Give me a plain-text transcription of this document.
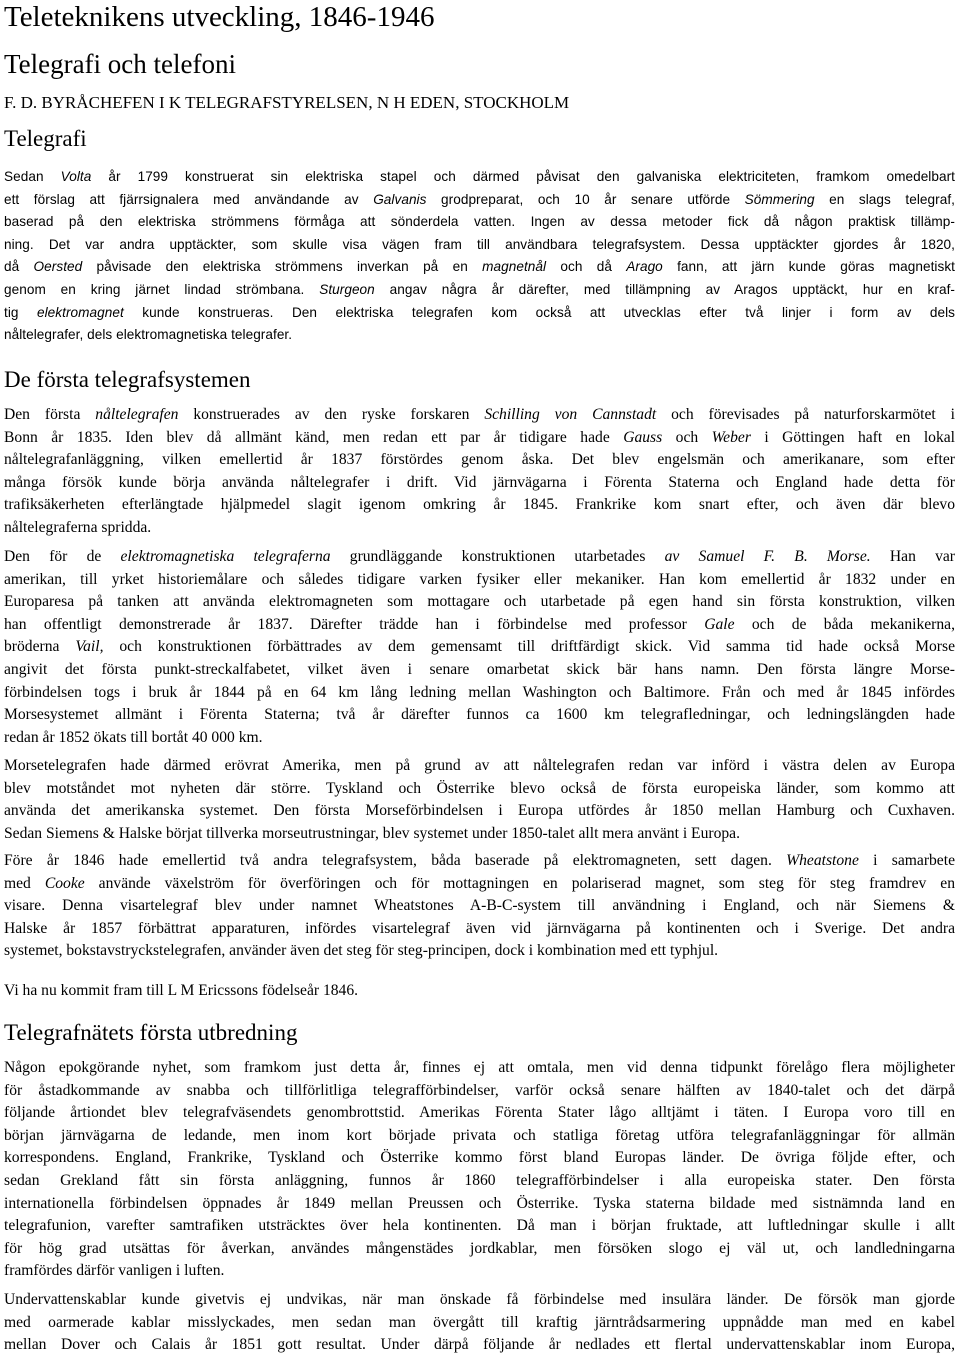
Teleteknikens utveckling, 1846-1946
Telegrafi och telefoni
F. D. BYRÅCHEFEN I K TELEGRAFSTYRELSEN, N H EDEN, STOCKHOLM
Telegrafi
Sedan Volta år 1799 konstruerat sin elektriska stapel och därmed påvisat den galvaniska elektriciteten, framkom omedelbart
ett förslag att fjärrsignalera med användande av Galvanis grodpreparat, och 10 år senare utförde Sömmering en slags telegraf,
baserad på den elektriska strömmens förmåga att sönderdela vatten. Ingen av dessa metoder fick då någon praktisk tillämp-
ning. Det var andra upptäckter, som skulle visa vägen fram till användbara telegrafsystem. Dessa upptäckter gjordes år 1820,
då Oersted påvisade den elektriska strömmens inverkan på en magnetnål och då Arago fann, att järn kunde göras magnetiskt
genom en kring järnet lindad strömbana. Sturgeon angav några år därefter, med tillämpning av Aragos upptäckt, hur en kraf-
tig elektromagnet kunde konstrueras. Den elektriska telegrafen kom också att utvecklas efter två linjer i form av dels
nåltelegrafer, dels elektromagnetiska telegrafer.
De första telegrafsystemen
Den första nåltelegrafen konstruerades av den ryske forskaren Schilling von Cannstadt och förevisades på naturforskarmötet i
Bonn år 1835. Iden blev då allmänt känd, men redan ett par år tidigare hade Gauss och Weber i Göttingen haft en lokal
nåltelegrafanläggning, vilken emellertid år 1837 förstördes genom åska. Det blev engelsmän och amerikanare, som efter
många försök kunde börja använda nåltelegrafer i drift. Vid järnvägarna i Förenta Staterna och England hade detta för
trafiksäkerheten efterlängtade hjälpmedel slagit igenom omkring år 1845. Frankrike kom snart efter, och även där blevo
nåltelegraferna spridda.
Den för de elektromagnetiska telegraferna grundläggande konstruktionen utarbetades av Samuel F. B. Morse. Han var
amerikan, till yrket historiemålare och således tidigare varken fysiker eller mekaniker. Han kom emellertid år 1832 under en
Europaresa på tanken att använda elektromagneten som mottagare och utarbetade på egen hand sin första konstruktion, vilken
han offentligt demonstrerade år 1837. Därefter trädde han i förbindelse med professor Gale och de båda mekanikerna,
bröderna Vail, och konstruktionen förbättrades av dem gemensamt till driftfärdigt skick. Vid samma tid hade också Morse
angivit det första punkt-streckalfabetet, vilket även i senare omarbetat skick bär hans namn. Den första längre Morse-
förbindelsen togs i bruk år 1844 på en 64 km lång ledning mellan Washington och Baltimore. Från och med år 1845 infördes
Morsesystemet allmänt i Förenta Staterna; två år därefter funnos ca 1600 km telegrafledningar, och ledningslängden hade
redan år 1852 ökats till bortåt 40 000 km.
Morsetelegrafen hade därmed erövrat Amerika, men på grund av att nåltelegrafen redan var införd i västra delen av Europa
blev motståndet mot nyheten där större. Tyskland och Österrike blevo också de första europeiska länder, som kommo att
använda det amerikanska systemet. Den första Morseförbindelsen i Europa utfördes år 1850 mellan Hamburg och Cuxhaven.
Sedan Siemens & Halske börjat tillverka morseutrustningar, blev systemet under 1850-talet allt mera använt i Europa.
Före år 1846 hade emellertid två andra telegrafsystem, båda baserade på elektromagneten, sett dagen. Wheatstone i samarbete
med Cooke använde växelström för överföringen och för mottagningen en polariserad magnet, som steg för steg framdrev en
visare. Denna visartelegraf blev under namnet Wheatstones A-B-C-system till användning i England, och när Siemens &
Halske år 1857 förbättrat apparaturen, infördes visartelegraf även vid järnvägarna på kontinenten och i Sverige. Det andra
systemet, bokstavstryckstelegrafen, använder även det steg för steg-principen, dock i kombination med ett typhjul.
Vi ha nu kommit fram till L M Ericssons födelseår 1846.
Telegrafnätets första utbredning
Någon epokgörande nyhet, som framkom just detta år, finnes ej att omtala, men vid denna tidpunkt förelågo flera möjligheter
för åstadkommande av snabba och tillförlitliga telegrafförbindelser, varför också senare hälften av 1840-talet och det därpå
följande årtiondet blev telegrafväsendets genombrottstid. Amerikas Förenta Stater lågo alltjämt i täten. I Europa voro till en
början järnvägarna de ledande, men inom kort började privata och statliga företag utföra telegrafanläggningar för allmän
korrespondens. England, Frankrike, Tyskland och Österrike kommo först bland Europas länder. De övriga följde efter, och
sedan Grekland fått sin första anläggning, funnos år 1860 telegrafförbindelser i alla europeiska stater. Den första
internationella förbindelsen öppnades år 1849 mellan Preussen och Österrike. Tyska staterna bildade med sistnämnda land en
telegrafunion, varefter samtrafiken utsträcktes över hela kontinenten. Då man i början fruktade, att luftledningar skulle i allt
för hög grad utsättas för åverkan, användes mångenstädes jordkablar, men försöken slogo ej väl ut, och landledningarna
framfördes därför vanligen i luften.
Undervattenskablar kunde givetvis ej undvikas, när man önskade få förbindelse med insulära länder. De försök man gjorde
med oarmerade kablar misslyckades, men sedan man övergått till kraftig järntrådsarmering uppnådde man med en kabel
mellan Dover och Calais år 1851 gott resultat. Under därpå följande år nedlades ett flertal undervattenskablar inom Europa,
